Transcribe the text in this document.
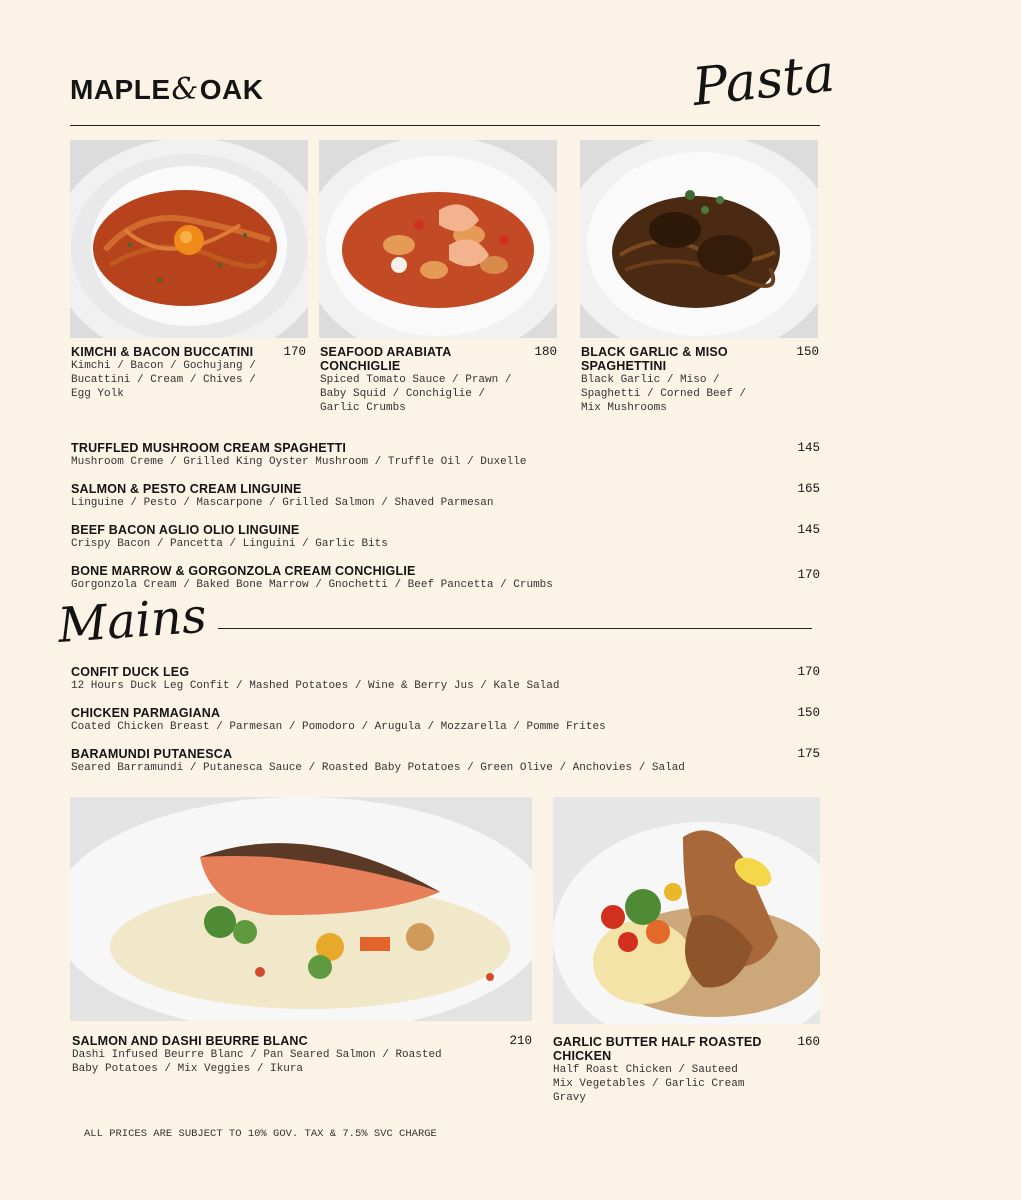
MAPLE&OAK	Pasta
KIMCHI & BACON BUCCATINI	170
Kimchi / Bacon / Gochujang /
Bucattini / Cream / Chives /
Egg Yolk
SEAFOOD ARABIATA
CONCHIGLIE
180
Spiced Tomato Sauce / Prawn /
Baby Squid / Conchiglie /
Garlic Crumbs
BLACK GARLIC & MISO
SPAGHETTINI
150
Black Garlic / Miso /
Spaghetti / Corned Beef /
Mix Mushrooms
TRUFFLED MUSHROOM CREAM SPAGHETTI
Mushroom Creme / Grilled King Oyster Mushroom / Truffle Oil / Duxelle
145
SALMON & PESTO CREAM LINGUINE
Linguine / Pesto / Mascarpone / Grilled Salmon / Shaved Parmesan
165
BEEF BACON AGLIO OLIO LINGUINE
Crispy Bacon / Pancetta / Linguini / Garlic Bits
145
BONE MARROW & GORGONZOLA CREAM CONCHIGLIE
Gorgonzola Cream / Baked Bone Marrow / Gnochetti / Beef Pancetta / Crumbs
170
Mains
CONFIT DUCK LEG
12 Hours Duck Leg Confit / Mashed Potatoes / Wine & Berry Jus / Kale Salad
170
CHICKEN PARMAGIANA
Coated Chicken Breast / Parmesan / Pomodoro / Arugula / Mozzarella / Pomme Frites
150
BARAMUNDI PUTANESCA
Seared Barramundi / Putanesca Sauce / Roasted Baby Potatoes / Green Olive / Anchovies / Salad
175
SALMON AND DASHI BEURRE BLANC	210
Dashi Infused Beurre Blanc / Pan Seared Salmon / Roasted
Baby Potatoes / Mix Veggies / Ikura
GARLIC BUTTER HALF ROASTED
CHICKEN
160
Half Roast Chicken / Sauteed
Mix Vegetables / Garlic Cream
Gravy
ALL PRICES ARE SUBJECT TO 10% GOV. TAX & 7.5% SVC CHARGE
